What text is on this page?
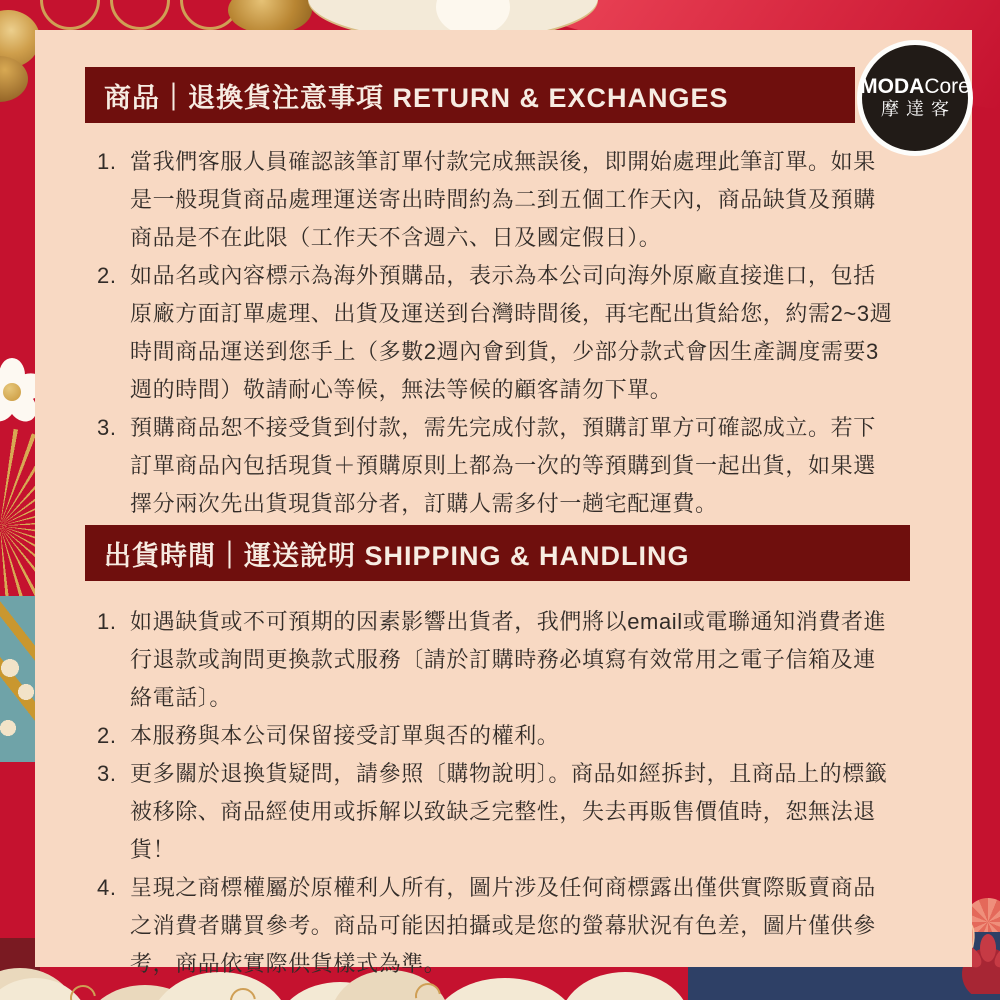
商品｜退換貨注意事項 RETURN & EXCHANGES
當我們客服人員確認該筆訂單付款完成無誤後，即開始處理此筆訂單。如果是一般現貨商品處理運送寄出時間約為二到五個工作天內，商品缺貨及預購商品是不在此限（工作天不含週六、日及國定假日）。
如品名或內容標示為海外預購品，表示為本公司向海外原廠直接進口，包括原廠方面訂單處理、出貨及運送到台灣時間後，再宅配出貨給您，約需2~3週時間商品運送到您手上（多數2週內會到貨，少部分款式會因生產調度需要3週的時間）敬請耐心等候，無法等候的顧客請勿下單。
預購商品恕不接受貨到付款，需先完成付款，預購訂單方可確認成立。若下訂單商品內包括現貨＋預購原則上都為一次的等預購到貨一起出貨，如果選擇分兩次先出貨現貨部分者，訂購人需多付一趟宅配運費。
出貨時間｜運送說明 SHIPPING & HANDLING
如遇缺貨或不可預期的因素影響出貨者，我們將以email或電聯通知消費者進行退款或詢問更換款式服務〔請於訂購時務必填寫有效常用之電子信箱及連絡電話〕。
本服務與本公司保留接受訂單與否的權利。
更多關於退換貨疑問，請參照〔購物說明〕。商品如經拆封，且商品上的標籤被移除、商品經使用或拆解以致缺乏完整性，失去再販售價值時，恕無法退貨！
呈現之商標權屬於原權利人所有，圖片涉及任何商標露出僅供實際販賣商品之消費者購買參考。商品可能因拍攝或是您的螢幕狀況有色差，圖片僅供參考，商品依實際供貨樣式為準。
MODACore
摩達客
